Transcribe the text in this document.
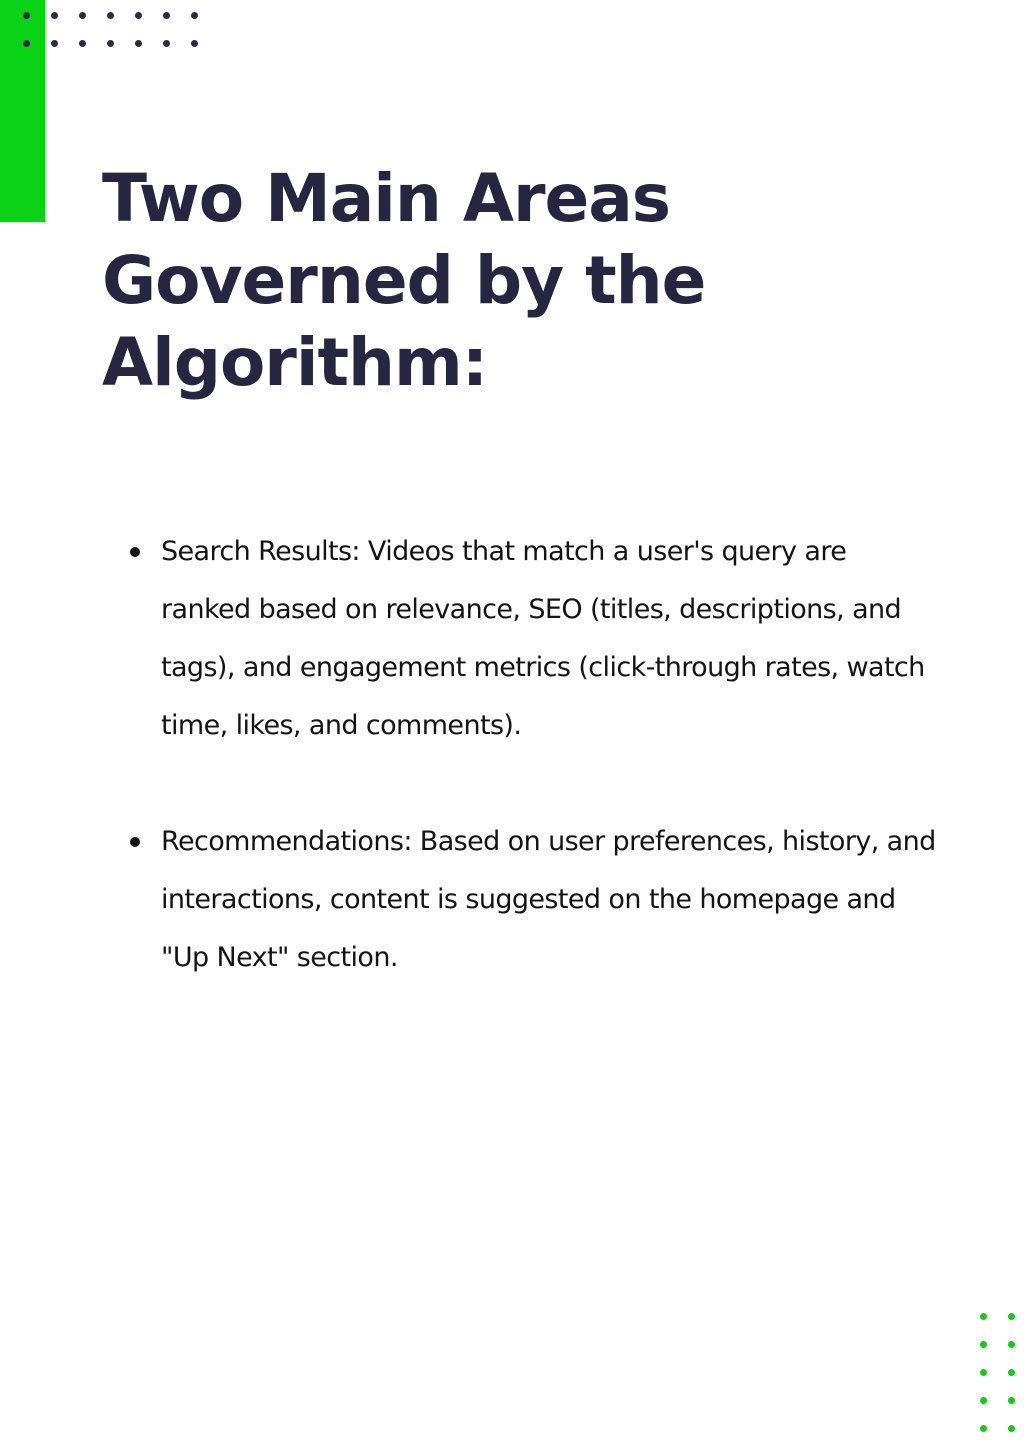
Two Main Areas Governed by the Algorithm:
Search Results: Videos that match a user's query are ranked based on relevance, SEO (titles, descriptions, and tags), and engagement metrics (click-through rates, watch time, likes, and comments).
Recommendations: Based on user preferences, history, and interactions, content is suggested on the homepage and "Up Next" section.
